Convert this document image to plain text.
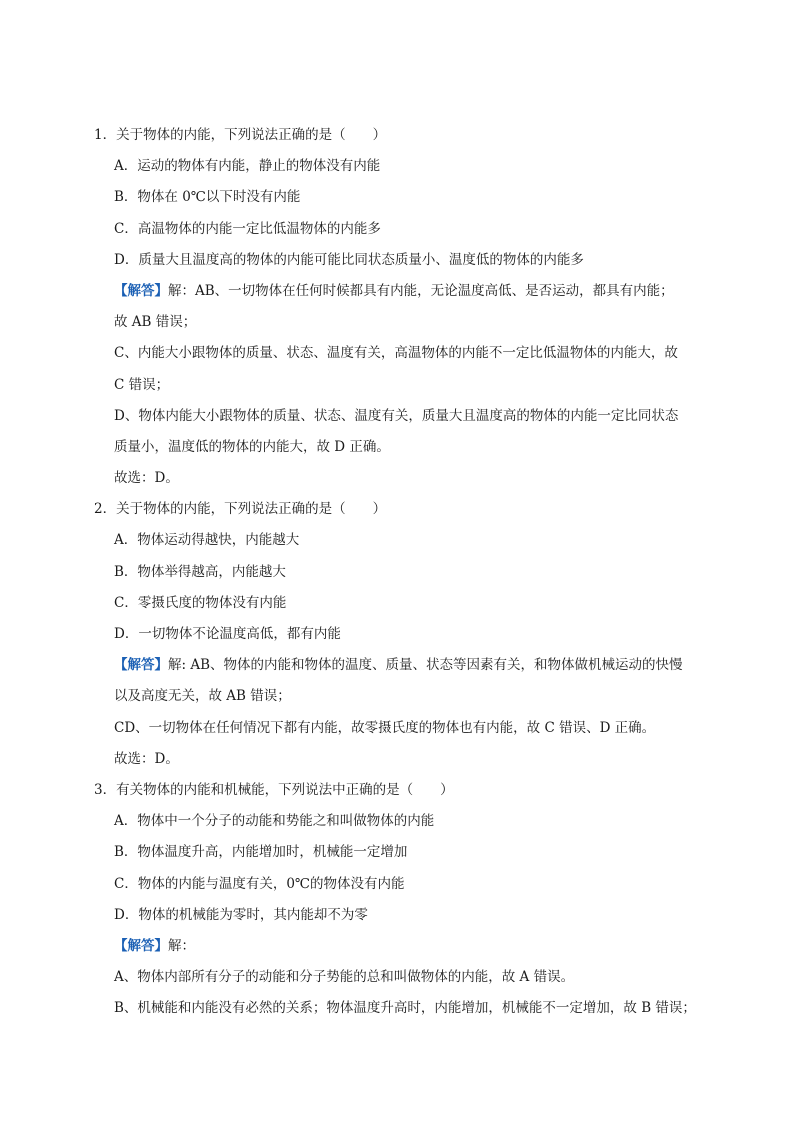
1．关于物体的内能，下列说法正确的是（　　）
A．运动的物体有内能，静止的物体没有内能
B．物体在 0℃以下时没有内能
C．高温物体的内能一定比低温物体的内能多
D．质量大且温度高的物体的内能可能比同状态质量小、温度低的物体的内能多
【解答】解：AB、一切物体在任何时候都具有内能，无论温度高低、是否运动，都具有内能；
故 AB 错误；
C、内能大小跟物体的质量、状态、温度有关，高温物体的内能不一定比低温物体的内能大，故
C 错误；
D、物体内能大小跟物体的质量、状态、温度有关，质量大且温度高的物体的内能一定比同状态
质量小，温度低的物体的内能大，故 D 正确。
故选：D。
2．关于物体的内能，下列说法正确的是（　　）
A．物体运动得越快，内能越大
B．物体举得越高，内能越大
C．零摄氏度的物体没有内能
D．一切物体不论温度高低，都有内能
【解答】解: AB、物体的内能和物体的温度、质量、状态等因素有关，和物体做机械运动的快慢
以及高度无关，故 AB 错误；
CD、一切物体在任何情况下都有内能，故零摄氏度的物体也有内能，故 C 错误、D 正确。
故选：D。
3．有关物体的内能和机械能，下列说法中正确的是（　　）
A．物体中一个分子的动能和势能之和叫做物体的内能
B．物体温度升高，内能增加时，机械能一定增加
C．物体的内能与温度有关，0℃的物体没有内能
D．物体的机械能为零时，其内能却不为零
【解答】解：
A、物体内部所有分子的动能和分子势能的总和叫做物体的内能，故 A 错误。
B、机械能和内能没有必然的关系；物体温度升高时，内能增加，机械能不一定增加，故 B 错误；
